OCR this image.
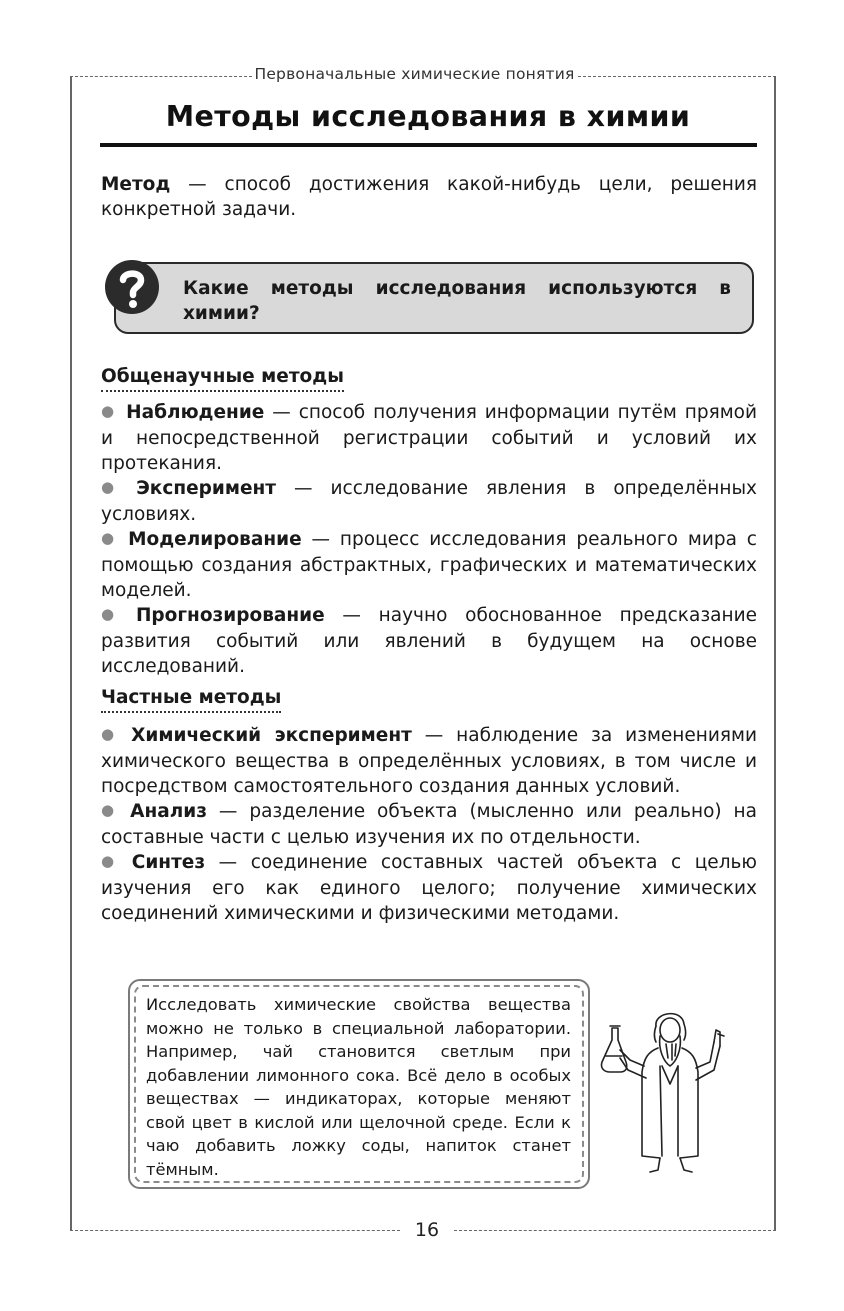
Первоначальные химические понятия
Методы исследования в химии

Метод — способ достижения какой-нибудь цели, решения конкретной задачи.

Какие методы исследования используются в химии?
Общенаучные методы
● Наблюдение — способ получения информации путём прямой и непосредственной регистрации событий и условий их протекания.
● Эксперимент — исследование явления в определённых условиях.
● Моделирование — процесс исследования реального мира с помощью создания абстрактных, графических и математических моделей.
● Прогнозирование — научно обоснованное предсказание развития событий или явлений в будущем на основе исследований.
Частные методы
● Химический эксперимент — наблюдение за изменениями химического вещества в определённых условиях, в том числе и посредством самостоятельного создания данных условий.
● Анализ — разделение объекта (мысленно или реально) на составные части с целью изучения их по отдельности.
● Синтез — соединение составных частей объекта с целью изучения его как единого целого; получение химических соединений химическими и физическими методами.
Исследовать химические свойства вещества можно не только в специальной лаборатории. Например, чай становится светлым при добавлении лимонного сока. Всё дело в особых веществах — индикаторах, которые меняют свой цвет в кислой или щелочной среде. Если к чаю добавить ложку соды, напиток станет тёмным.
16
